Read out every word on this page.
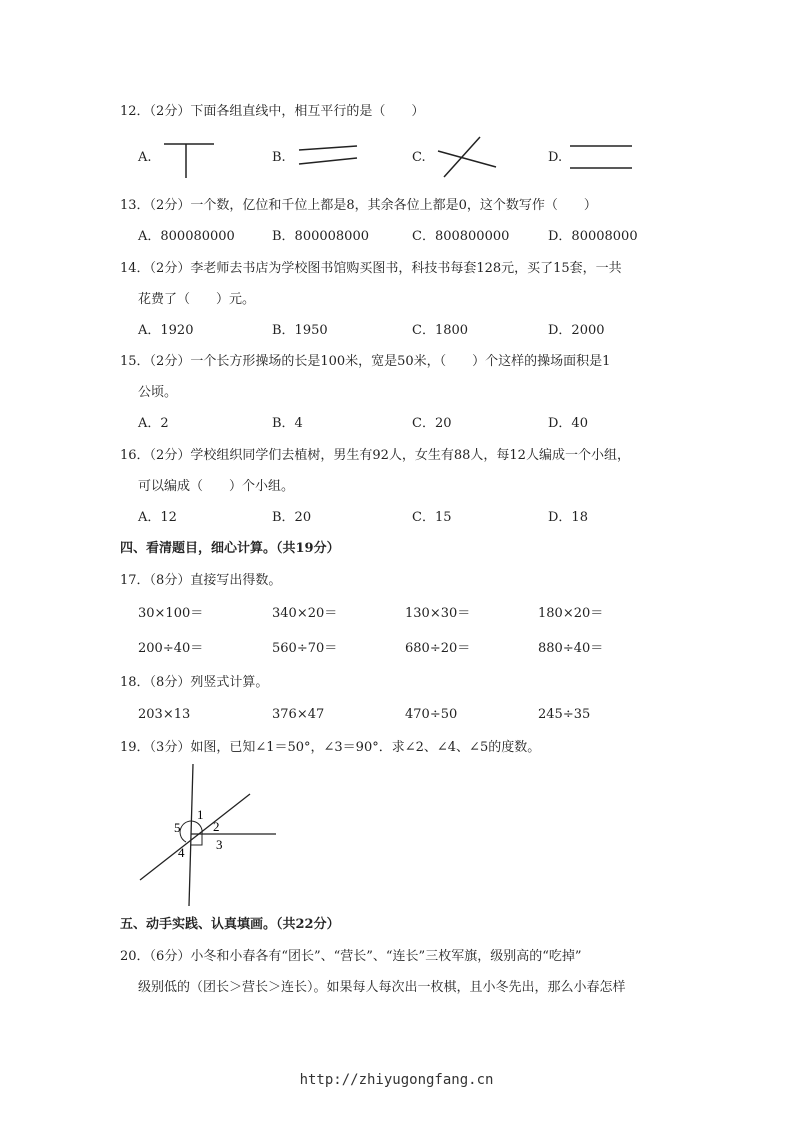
12．（2分）下面各组直线中，相互平行的是（　　）
A.	B.	C.	D.
13．（2分）一个数，亿位和千位上都是8，其余各位上都是0，这个数写作（　　）
A．800080000	B．800008000	C．800800000	D．80008000
14．（2分）李老师去书店为学校图书馆购买图书，科技书每套128元，买了15套，一共
花费了（　　）元。
A．1920	B．1950	C．1800	D．2000
15．（2分）一个长方形操场的长是100米，宽是50米，（　　）个这样的操场面积是1
公顷。
A．2	B．4	C．20	D．40
16．（2分）学校组织同学们去植树，男生有92人，女生有88人，每12人编成一个小组，
可以编成（　　）个小组。
A．12	B．20	C．15	D．18
四、看清题目，细心计算。（共19分）
17．（8分）直接写出得数。
30×100＝	340×20＝	130×30＝	180×20＝
200÷40＝	560÷70＝	680÷20＝	880÷40＝
18．（8分）列竖式计算。
203×13	376×47	470÷50	245÷35
19．（3分）如图，已知∠1＝50°，∠3＝90°．求∠2、∠4、∠5的度数。
1
2
3
4
5
五、动手实践、认真填画。（共22分）
20．（6分）小冬和小春各有“团长”、“营长”、“连长”三枚军旗，级别高的“吃掉”
级别低的（团长＞营长＞连长）。如果每人每次出一枚棋，且小冬先出，那么小春怎样
http://zhiyugongfang.cn
